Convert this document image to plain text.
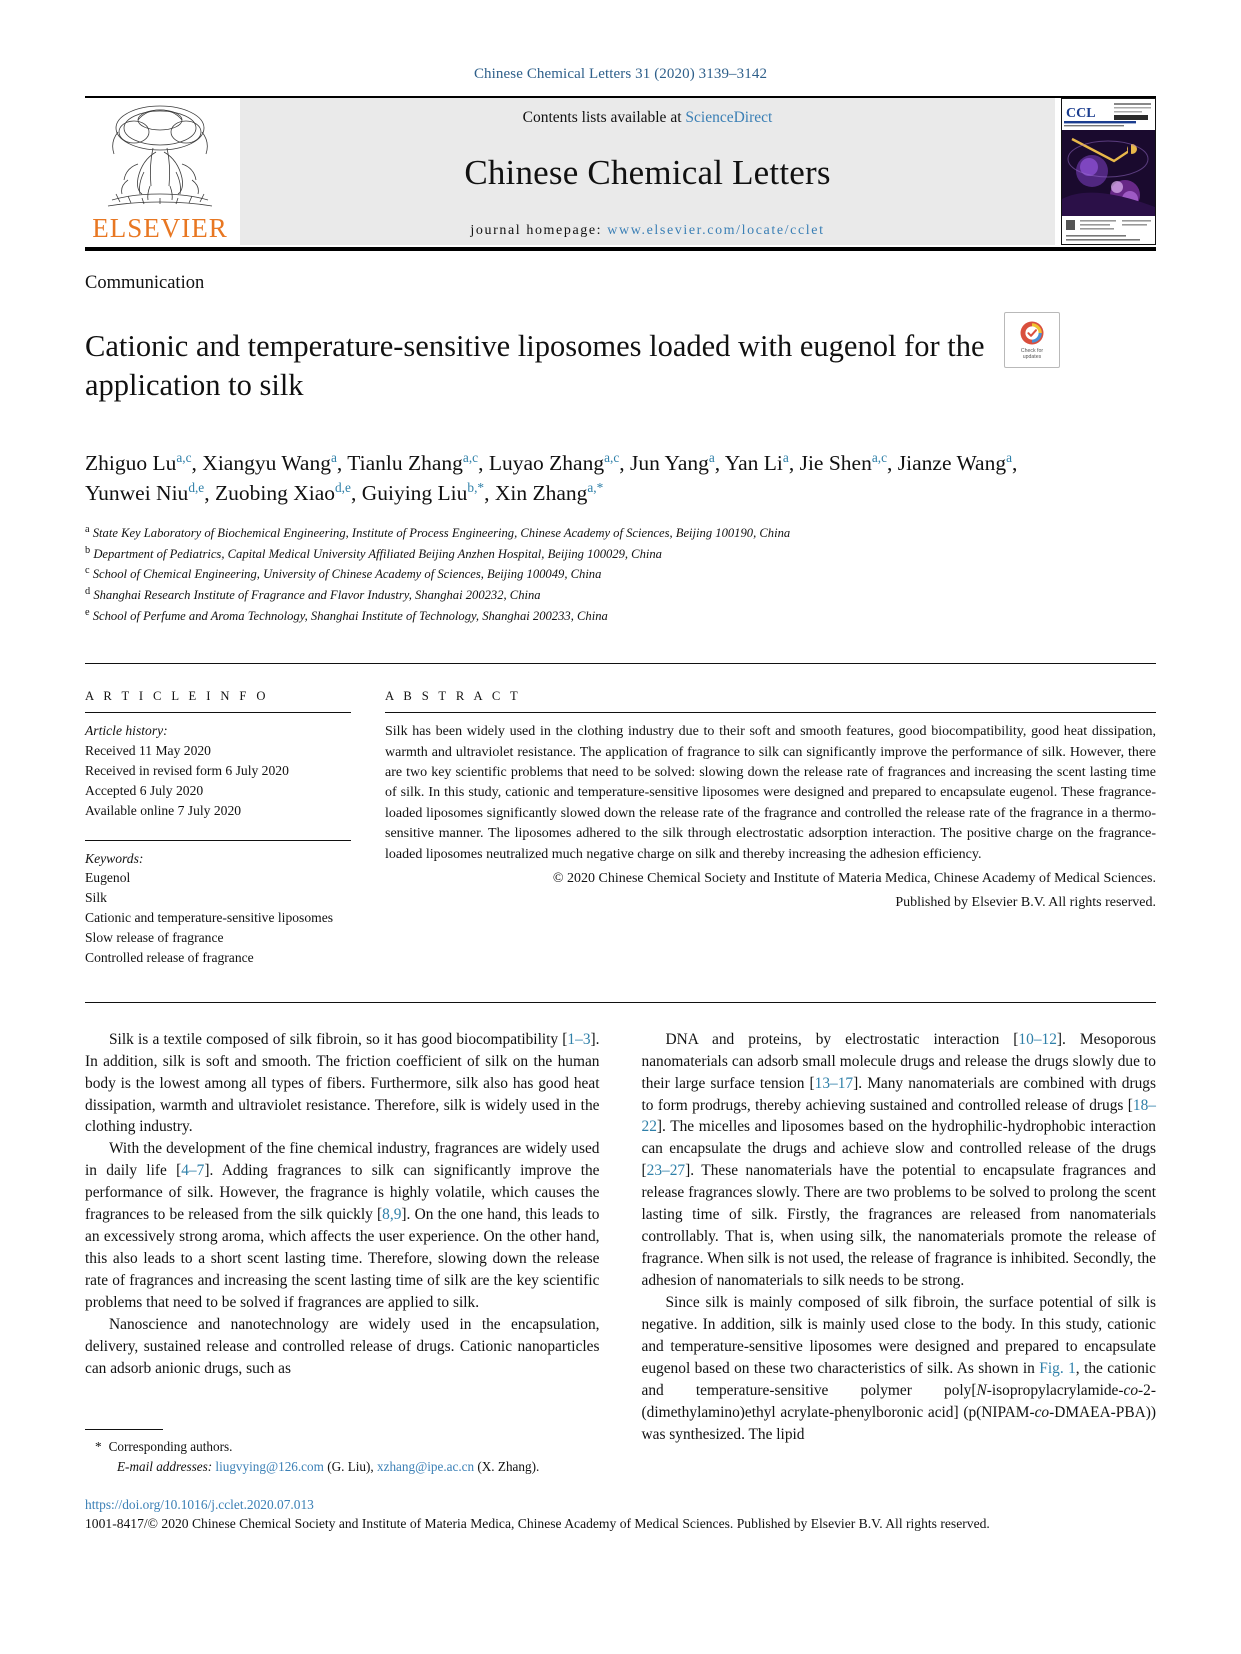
Chinese Chemical Letters 31 (2020) 3139–3142
ELSEVIER
Contents lists available at ScienceDirect
Chinese Chemical Letters
journal homepage: www.elsevier.com/locate/cclet
CCL
Communication
Cationic and temperature-sensitive liposomes loaded with eugenol for the application to silk
Check for
updates
Zhiguo Lu$^{a,c}$, Xiangyu Wang$^a$, Tianlu Zhang$^{a,c}$, Luyao Zhang$^{a,c}$, Jun Yang$^a$, Yan Li$^a$, Jie Shen$^{a,c}$, Jianze Wang$^a$, Yunwei Niu$^{d,e}$, Zuobing Xiao$^{d,e}$, Guiying Liu$^{b,*}$, Xin Zhang$^{a,*}$
$^a$ State Key Laboratory of Biochemical Engineering, Institute of Process Engineering, Chinese Academy of Sciences, Beijing 100190, China
$^b$ Department of Pediatrics, Capital Medical University Affiliated Beijing Anzhen Hospital, Beijing 100029, China
$^c$ School of Chemical Engineering, University of Chinese Academy of Sciences, Beijing 100049, China
$^d$ Shanghai Research Institute of Fragrance and Flavor Industry, Shanghai 200232, China
$^e$ School of Perfume and Aroma Technology, Shanghai Institute of Technology, Shanghai 200233, China
A R T I C L E I N F O
Article history:
Received 11 May 2020
Received in revised form 6 July 2020
Accepted 6 July 2020
Available online 7 July 2020
Keywords:
Eugenol
Silk
Cationic and temperature-sensitive liposomes
Slow release of fragrance
Controlled release of fragrance
A B S T R A C T
Silk has been widely used in the clothing industry due to their soft and smooth features, good biocompatibility, good heat dissipation, warmth and ultraviolet resistance. The application of fragrance to silk can significantly improve the performance of silk. However, there are two key scientific problems that need to be solved: slowing down the release rate of fragrances and increasing the scent lasting time of silk. In this study, cationic and temperature-sensitive liposomes were designed and prepared to encapsulate eugenol. These fragrance-loaded liposomes significantly slowed down the release rate of the fragrance and controlled the release rate of the fragrance in a thermo-sensitive manner. The liposomes adhered to the silk through electrostatic adsorption interaction. The positive charge on the fragrance-loaded liposomes neutralized much negative charge on silk and thereby increasing the adhesion efficiency.
© 2020 Chinese Chemical Society and Institute of Materia Medica, Chinese Academy of Medical Sciences.
Published by Elsevier B.V. All rights reserved.

Silk is a textile composed of silk fibroin, so it has good biocompatibility [1–3]. In addition, silk is soft and smooth. The friction coefficient of silk on the human body is the lowest among all types of fibers. Furthermore, silk also has good heat dissipation, warmth and ultraviolet resistance. Therefore, silk is widely used in the clothing industry.

With the development of the fine chemical industry, fragrances are widely used in daily life [4–7]. Adding fragrances to silk can significantly improve the performance of silk. However, the fragrance is highly volatile, which causes the fragrances to be released from the silk quickly [8,9]. On the one hand, this leads to an excessively strong aroma, which affects the user experience. On the other hand, this also leads to a short scent lasting time. Therefore, slowing down the release rate of fragrances and increasing the scent lasting time of silk are the key scientific problems that need to be solved if fragrances are applied to silk.

Nanoscience and nanotechnology are widely used in the encapsulation, delivery, sustained release and controlled release of drugs. Cationic nanoparticles can adsorb anionic drugs, such as

DNA and proteins, by electrostatic interaction [10–12]. Mesoporous nanomaterials can adsorb small molecule drugs and release the drugs slowly due to their large surface tension [13–17]. Many nanomaterials are combined with drugs to form prodrugs, thereby achieving sustained and controlled release of drugs [18–22]. The micelles and liposomes based on the hydrophilic-hydrophobic interaction can encapsulate the drugs and achieve slow and controlled release of the drugs [23–27]. These nanomaterials have the potential to encapsulate fragrances and release fragrances slowly. There are two problems to be solved to prolong the scent lasting time of silk. Firstly, the fragrances are released from nanomaterials controllably. That is, when using silk, the nanomaterials promote the release of fragrance. When silk is not used, the release of fragrance is inhibited. Secondly, the adhesion of nanomaterials to silk needs to be strong.

Since silk is mainly composed of silk fibroin, the surface potential of silk is negative. In addition, silk is mainly used close to the body. In this study, cationic and temperature-sensitive liposomes were designed and prepared to encapsulate eugenol based on these two characteristics of silk. As shown in Fig. 1, the cationic and temperature-sensitive polymer poly[N-isopropylacrylamide-co-2-(dimethylamino)ethyl acrylate-phenylboronic acid] (p(NIPAM-co-DMAEA-PBA)) was synthesized. The lipid

* Corresponding authors.
E-mail addresses: liugvying@126.com (G. Liu), xzhang@ipe.ac.cn (X. Zhang).
https://doi.org/10.1016/j.cclet.2020.07.013
1001-8417/© 2020 Chinese Chemical Society and Institute of Materia Medica, Chinese Academy of Medical Sciences. Published by Elsevier B.V. All rights reserved.
